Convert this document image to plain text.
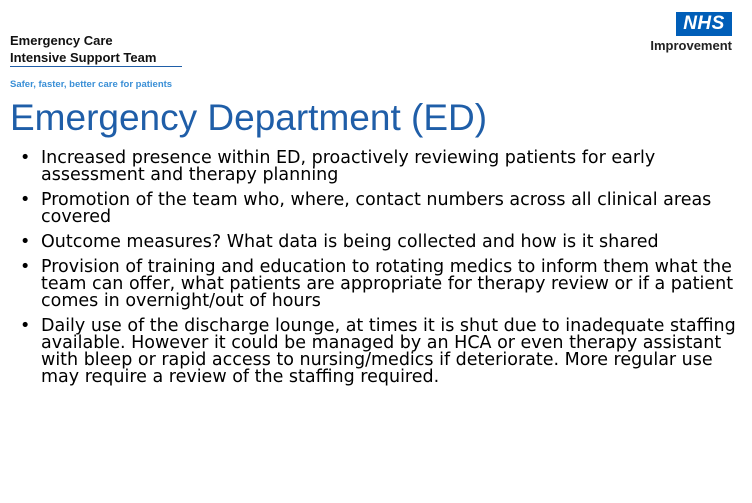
Emergency Care
Intensive Support Team
Safer, faster, better care for patients
NHS
Improvement
Emergency Department (ED)
• Increased presence within ED, proactively reviewing patients for early assessment and therapy planning
• Promotion of the team who, where, contact numbers across all clinical areas covered
• Outcome measures? What data is being collected and how is it shared
• Provision of training and education to rotating medics to inform them what the team can offer, what patients are appropriate for therapy review or if a patient comes in overnight/out of hours
• Daily use of the discharge lounge, at times it is shut due to inadequate staffing available. However it could be managed by an HCA or even therapy assistant with bleep or rapid access to nursing/medics if deteriorate. More regular use may require a review of the staffing required.
